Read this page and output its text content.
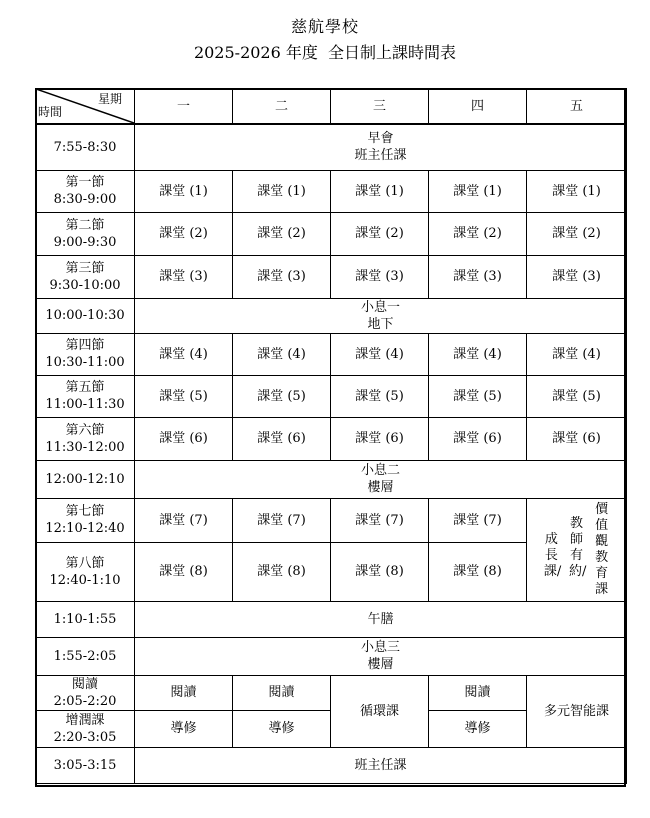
慈航學校
2025-2026 年度  全日制上課時間表
星期
時間	一	二	三	四	五
7:55-8:30	早會
班主任課				

第一節
8:30-9:00	課堂 (1)	課堂 (1)	課堂 (1)	課堂 (1)	課堂 (1)

第二節
9:00-9:30	課堂 (2)	課堂 (2)	課堂 (2)	課堂 (2)	課堂 (2)

第三節
9:30-10:00	課堂 (3)	課堂 (3)	課堂 (3)	課堂 (3)	課堂 (3)
10:00-10:30	小息一
地下				

第四節
10:30-11:00	課堂 (4)	課堂 (4)	課堂 (4)	課堂 (4)	課堂 (4)

第五節
11:00-11:30	課堂 (5)	課堂 (5)	課堂 (5)	課堂 (5)	課堂 (5)

第六節
11:30-12:00	課堂 (6)	課堂 (6)	課堂 (6)	課堂 (6)	課堂 (6)
12:00-12:10	小息二
樓層				

第七節
12:10-12:40	課堂 (7)	課堂 (7)	課堂 (7)	課堂 (7)	成長課/ 教師有約/ 價值觀教育課

第八節
12:40-1:10	課堂 (8)	課堂 (8)	課堂 (8)	課堂 (8)	
1:10-1:55	午膳				
1:55-2:05	小息三
樓層				

閱讀
2:05-2:20	閱讀	閱讀	循環課	閱讀	多元智能課

增潤課
2:20-3:05	導修	導修		導修	
3:05-3:15	班主任課				
